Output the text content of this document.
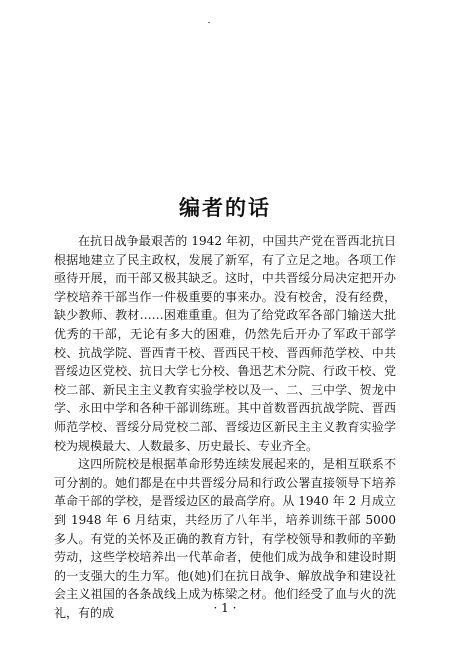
编者的话

在抗日战争最艰苦的 1942 年初，中国共产党在晋西北抗日根据地建立了民主政权，发展了新军，有了立足之地。各项工作亟待开展，而干部又极其缺乏。这时，中共晋绥分局决定把开办学校培养干部当作一件极重要的事来办。没有校舍，没有经费，缺少教师、教材……困难重重。但为了给党政军各部门输送大批优秀的干部，无论有多大的困难，仍然先后开办了军政干部学校、抗战学院、晋西青干校、晋西民干校、晋西师范学校、中共晋绥边区党校、抗日大学七分校、鲁迅艺术分院、行政干校、党校二部、新民主主义教育实验学校以及一、二、三中学、贺龙中学、永田中学和各种干部训练班。其中首数晋西抗战学院、晋西师范学校、晋绥分局党校二部、晋绥边区新民主主义教育实验学校为规模最大、人数最多、历史最长、专业齐全。

这四所院校是根据革命形势连续发展起来的，是相互联系不可分割的。她们都是在中共晋绥分局和行政公署直接领导下培养革命干部的学校，是晋绥边区的最高学府。从 1940 年 2 月成立到 1948 年 6 月结束，共经历了八年半，培养训练干部 5000 多人。有党的关怀及正确的教育方针，有学校领导和教师的辛勤劳动，这些学校培养出一代革命者，使他们成为战争和建设时期的一支强大的生力军。他(她)们在抗日战争、解放战争和建设社会主义祖国的各条战线上成为栋梁之材。他们经受了血与火的洗礼，有的成	· 1 ·
